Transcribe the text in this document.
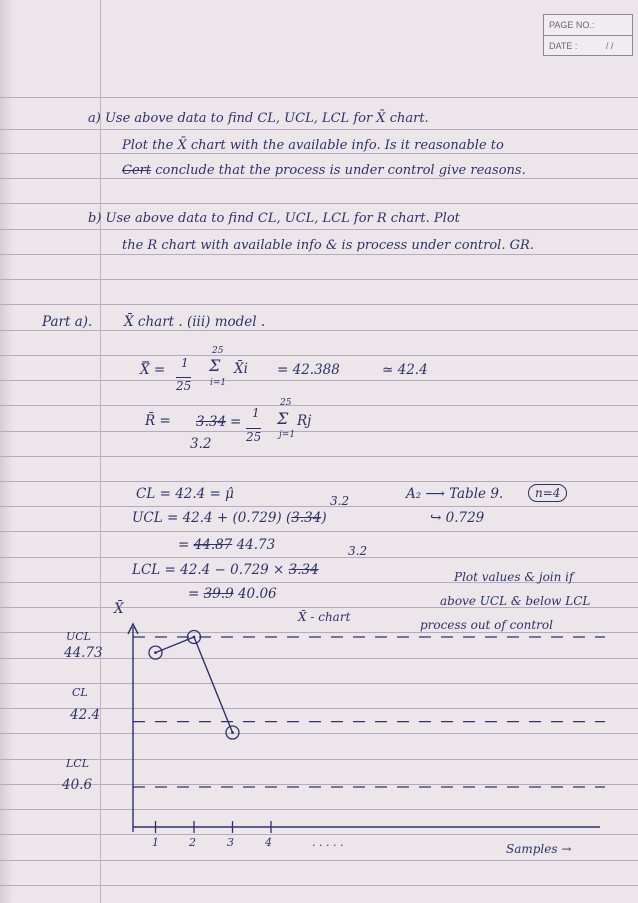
PAGE NO.:
DATE :	/ /
a) Use above data to find CL, UCL, LCL for X̄ chart.
Plot the X̄ chart with the available info. Is it reasonable to
Cert conclude that the process is under control give reasons.
b) Use above data to find CL, UCL, LCL for R chart. Plot
the R chart with available info & is process under control. GR.
Part a). X̄ chart . (iii) model .
X̿ = 1
25
25
Σ X̄i
i=1
= 42.388	≃ 42.4
R̄ = 3.34
3.2
=
1
25
25
Σ Rj
j=1
CL = 42.4 = μ̂	3.2
UCL = 42.4 + (0.729) (3.34)
= 44.87 44.73	3.2
LCL = 42.4 − 0.729 × 3.34
= 39.9 40.06
A₂ ⟶ Table 9.	n=4
↪ 0.729
Plot values & join if
above UCL & below LCL
process out of control
X̄	X̄ - chart
UCL
44.73
CL
42.4
LCL
40.6
1	2	3	4	. . . . .	Samples →
